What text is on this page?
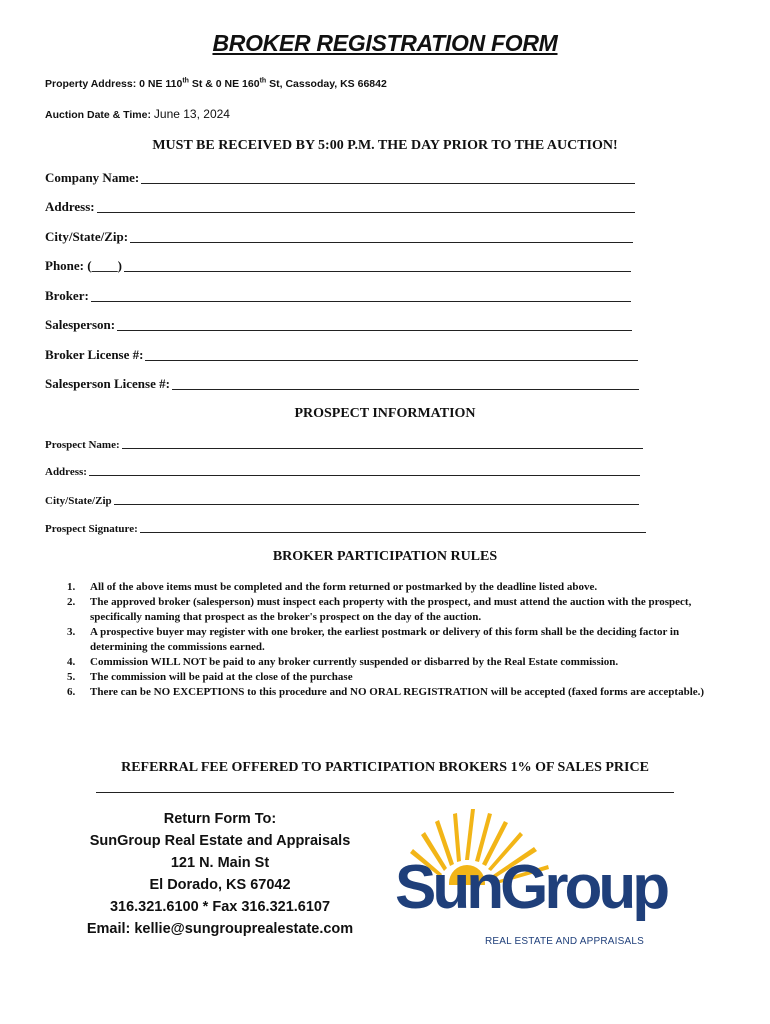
BROKER REGISTRATION FORM
Property Address: 0 NE 110th St & 0 NE 160th St, Cassoday, KS 66842
Auction Date & Time: June 13, 2024
MUST BE RECEIVED BY 5:00 P.M. THE DAY PRIOR TO THE AUCTION!
Company Name:
Address:
City/State/Zip:
Phone: (____)
Broker:
Salesperson:
Broker License #:
Salesperson License #:
PROSPECT INFORMATION
Prospect Name:
Address:
City/State/Zip
Prospect Signature:
BROKER PARTICIPATION RULES
1.	All of the above items must be completed and the form returned or postmarked by the deadline listed above.
2.	The approved broker (salesperson) must inspect each property with the prospect, and must attend the auction with the prospect, specifically naming that prospect as the broker's prospect on the day of the auction.
3.	A prospective buyer may register with one broker, the earliest postmark or delivery of this form shall be the deciding factor in determining the commissions earned.
4.	Commission WILL NOT be paid to any broker currently suspended or disbarred by the Real Estate commission.
5.	The commission will be paid at the close of the purchase
6.	There can be NO EXCEPTIONS to this procedure and NO ORAL REGISTRATION will be accepted (faxed forms are acceptable.)
REFERRAL FEE OFFERED TO PARTICIPATION BROKERS 1% OF SALES PRICE
Return Form To:
SunGroup Real Estate and Appraisals
121 N. Main St
El Dorado, KS 67042
316.321.6100 * Fax 316.321.6107
Email: kellie@sungrouprealestate.com
SunGroup
REAL ESTATE AND APPRAISALS
